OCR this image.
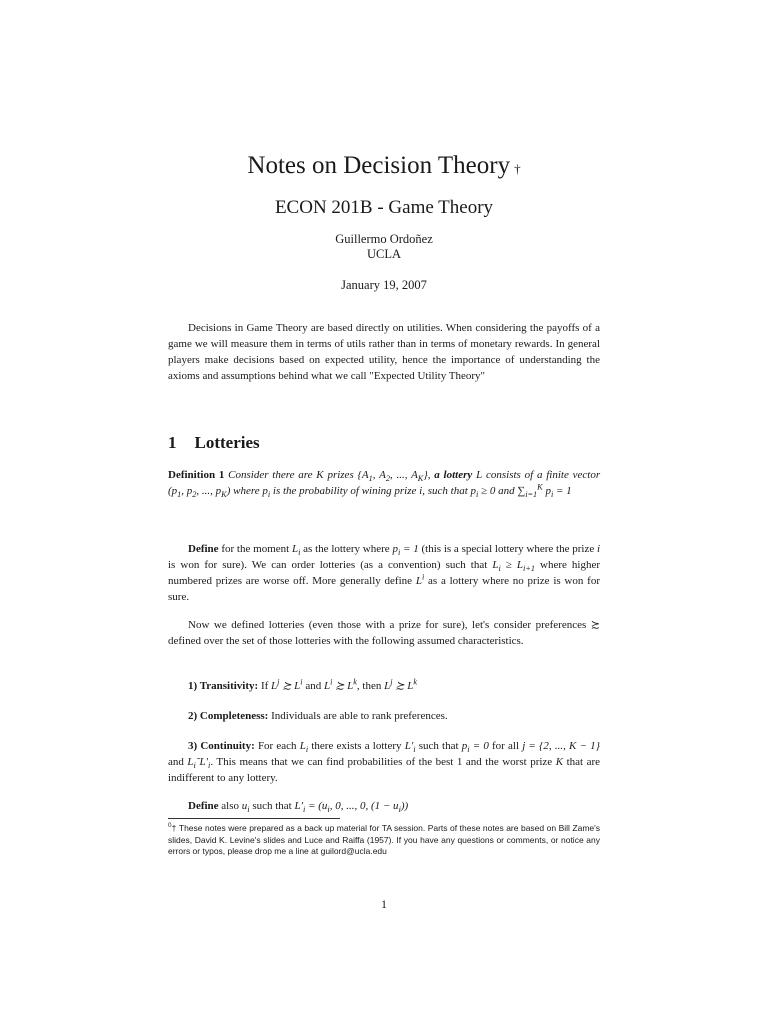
Notes on Decision Theory †
ECON 201B - Game Theory
Guillermo Ordoñez
UCLA
January 19, 2007
Decisions in Game Theory are based directly on utilities. When considering the payoffs of a game we will measure them in terms of utils rather than in terms of monetary rewards. In general players make decisions based on expected utility, hence the importance of understanding the axioms and assumptions behind what we call "Expected Utility Theory"
1 Lotteries
Definition 1 Consider there are K prizes {$A_1$, $A_2$, ..., $A_K$}, a lottery L consists of a finite vector ($p_1$, $p_2$, ..., $p_K$) where $p_i$ is the probability of wining prize i, such that $p_i \ge 0$ and $\sum_{i=1}^K$ $p_i = 1$
Define for the moment $L_i$ as the lottery where $p_i = 1$ (this is a special lottery where the prize i is won for sure). We can order lotteries (as a convention) such that $L_i \ge L_{i+1}$ where higher numbered prizes are worse off. More generally define $L^i$ as a lottery where no prize is won for sure.
Now we defined lotteries (even those with a prize for sure), let's consider preferences ≿ defined over the set of those lotteries with the following assumed characteristics.
1) Transitivity: If $L^j$ ≿ $L^i$ and $L^i$ ≿ $L^k$, then $L^j$ ≿ $L^k$
2) Completeness: Individuals are able to rank preferences.
3) Continuity: For each $L_i$ there exists a lottery $L'_i$ such that $p_i = 0$ for all j = {2, ..., K − 1} and $L_i˜L'_i$. This means that we can find probabilities of the best 1 and the worst prize K that are indifferent to any lottery.
Define also $u_i$ such that $L'_i = (u_i$, 0, ..., 0, $(1 - u_i)$)
$^0$† These notes were prepared as a back up material for TA session. Parts of these notes are based on Bill Zame's slides, David K. Levine's slides and Luce and Raiffa (1957). If you have any questions or comments, or notice any errors or typos, please drop me a line at guilord@ucla.edu
1
